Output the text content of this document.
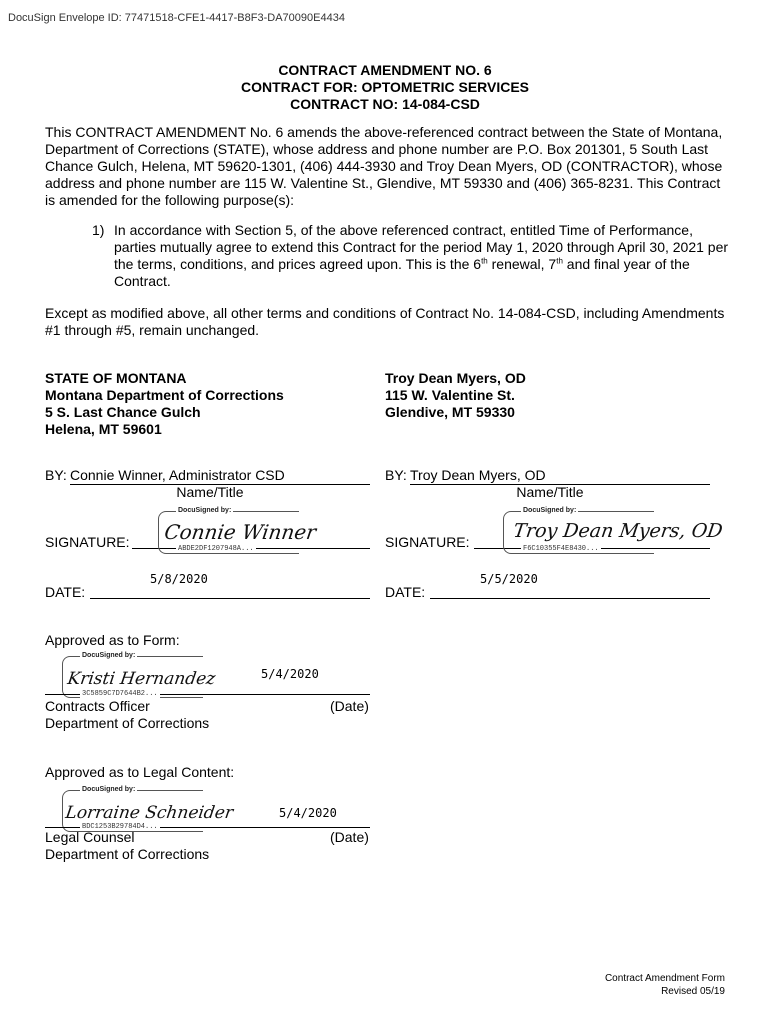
DocuSign Envelope ID: 77471518-CFE1-4417-B8F3-DA70090E4434
CONTRACT AMENDMENT NO. 6
CONTRACT FOR: OPTOMETRIC SERVICES
CONTRACT NO: 14-084-CSD
This CONTRACT AMENDMENT No. 6 amends the above-referenced contract between the State of Montana,
Department of Corrections (STATE), whose address and phone number are P.O. Box 201301, 5 South Last
Chance Gulch, Helena, MT 59620-1301, (406) 444-3930 and Troy Dean Myers, OD (CONTRACTOR), whose
address and phone number are 115 W. Valentine St., Glendive, MT 59330 and (406) 365-8231. This Contract
is amended for the following purpose(s):
1) In accordance with Section 5, of the above referenced contract, entitled Time of Performance,
parties mutually agree to extend this Contract for the period May 1, 2020 through April 30, 2021 per
the terms, conditions, and prices agreed upon. This is the 6th renewal, 7th and final year of the
Contract.
Except as modified above, all other terms and conditions of Contract No. 14-084-CSD, including Amendments
#1 through #5, remain unchanged.
STATE OF MONTANA
Montana Department of Corrections
5 S. Last Chance Gulch
Helena, MT 59601
Troy Dean Myers, OD
115 W. Valentine St.
Glendive, MT 59330
BY: Connie Winner, Administrator CSD
Name/Title
BY: Troy Dean Myers, OD
Name/Title
SIGNATURE:
DocuSigned by:
ABDE2DF1207948A...
Connie Winner	SIGNATURE:
DocuSigned by:
F6C10355F4E8430...
Troy Dean Myers, OD
5/8/2020
DATE:
5/5/2020
DATE:
Approved as to Form:
DocuSigned by:
Kristi Hernandez	5/4/2020
3C5859C7D7644B2...
Contracts Officer	(Date)
Department of Corrections
Approved as to Legal Content:
DocuSigned by:
Lorraine Schneider	5/4/2020
BDC1253B29784D4...
Legal Counsel	(Date)
Department of Corrections
Contract Amendment Form
Revised 05/19
